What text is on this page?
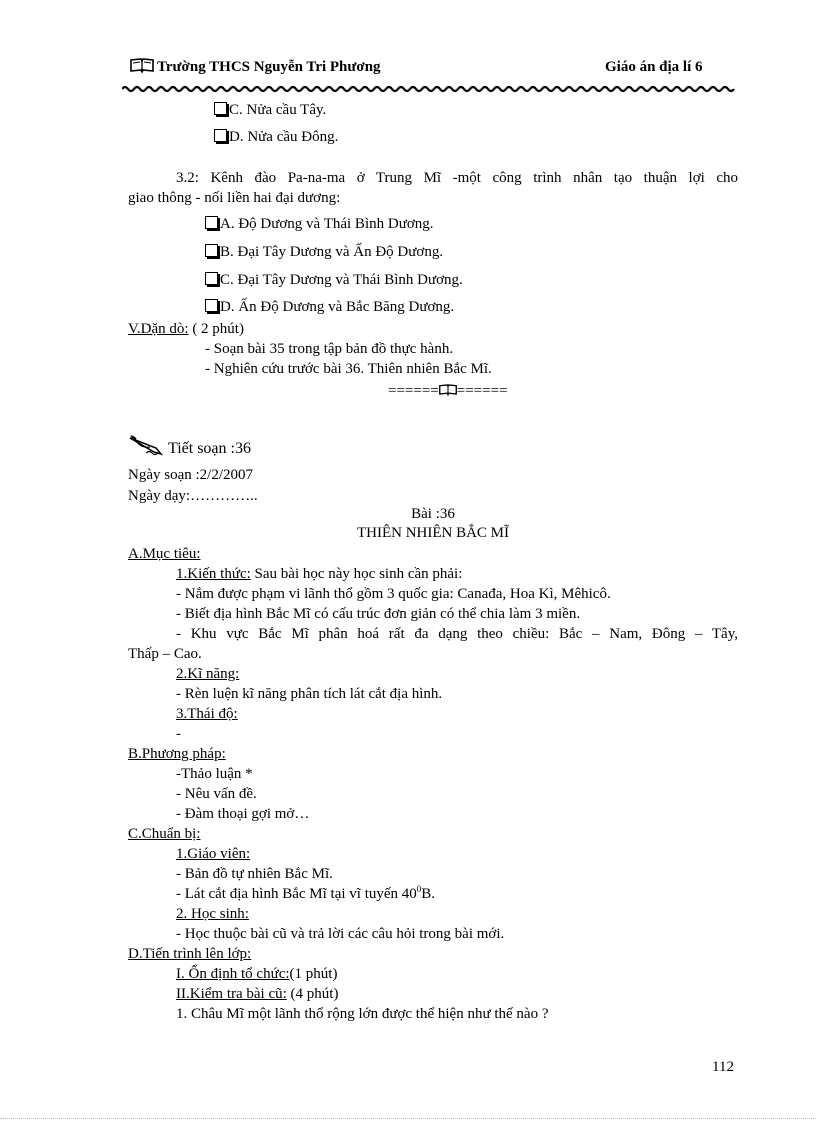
Trường THCS Nguyễn Tri Phương	Giáo án địa lí 6
C. Nửa cầu Tây.
D. Nửa cầu Đông.
3.2: Kênh đào Pa-na-ma ở Trung Mĩ -một công trình nhân tạo thuận lợi cho
giao thông - nối liền hai đại dương:
A. Độ Dương và Thái Bình Dương.
B. Đại Tây Dương và Ấn Độ Dương.
C. Đại Tây Dương và Thái Bình Dương.
D. Ấn Độ Dương và Bắc Băng Dương.
V.Dặn dò: ( 2 phút)
- Soạn bài 35 trong tập bản đồ thực hành.
- Nghiên cứu trước bài 36. Thiên nhiên Bắc Mĩ.
====== ======
Tiết soạn :36
Ngày soạn :2/2/2007
Ngày dạy:…………..
Bài :36
THIÊN NHIÊN BẮC MĨ
A.Mục tiêu:
1.Kiến thức: Sau bài học này học sinh cần phải:
- Nắm được phạm vi lãnh thổ gồm 3 quốc gia: Canađa, Hoa Kì, Mêhicô.
- Biết địa hình Bắc Mĩ có cấu trúc đơn giản có thể chia làm 3 miền.
- Khu vực Bắc Mĩ phân hoá rất đa dạng theo chiều: Bắc – Nam, Đông – Tây,
Thấp – Cao.
2.Kĩ năng:
- Rèn luện kĩ năng phân tích lát cắt địa hình.
3.Thái độ:
-
B.Phương pháp:
-Thảo luận *
- Nêu vấn đề.
- Đàm thoại gợi mở…
C.Chuẩn bị:
1.Giáo viên:
- Bản đồ tự nhiên Bắc Mĩ.
- Lát cắt địa hình Bắc Mĩ tại vĩ tuyến $40^0B$.
2. Học sinh:
- Học thuộc bài cũ và trả lời các câu hỏi trong bài mới.
D.Tiến trình lên lớp:
I. Ổn định tổ chức:(1 phút)
II.Kiểm tra bài cũ: (4 phút)
1. Châu Mĩ một lãnh thổ rộng lớn được thể hiện như thế nào ?
112
